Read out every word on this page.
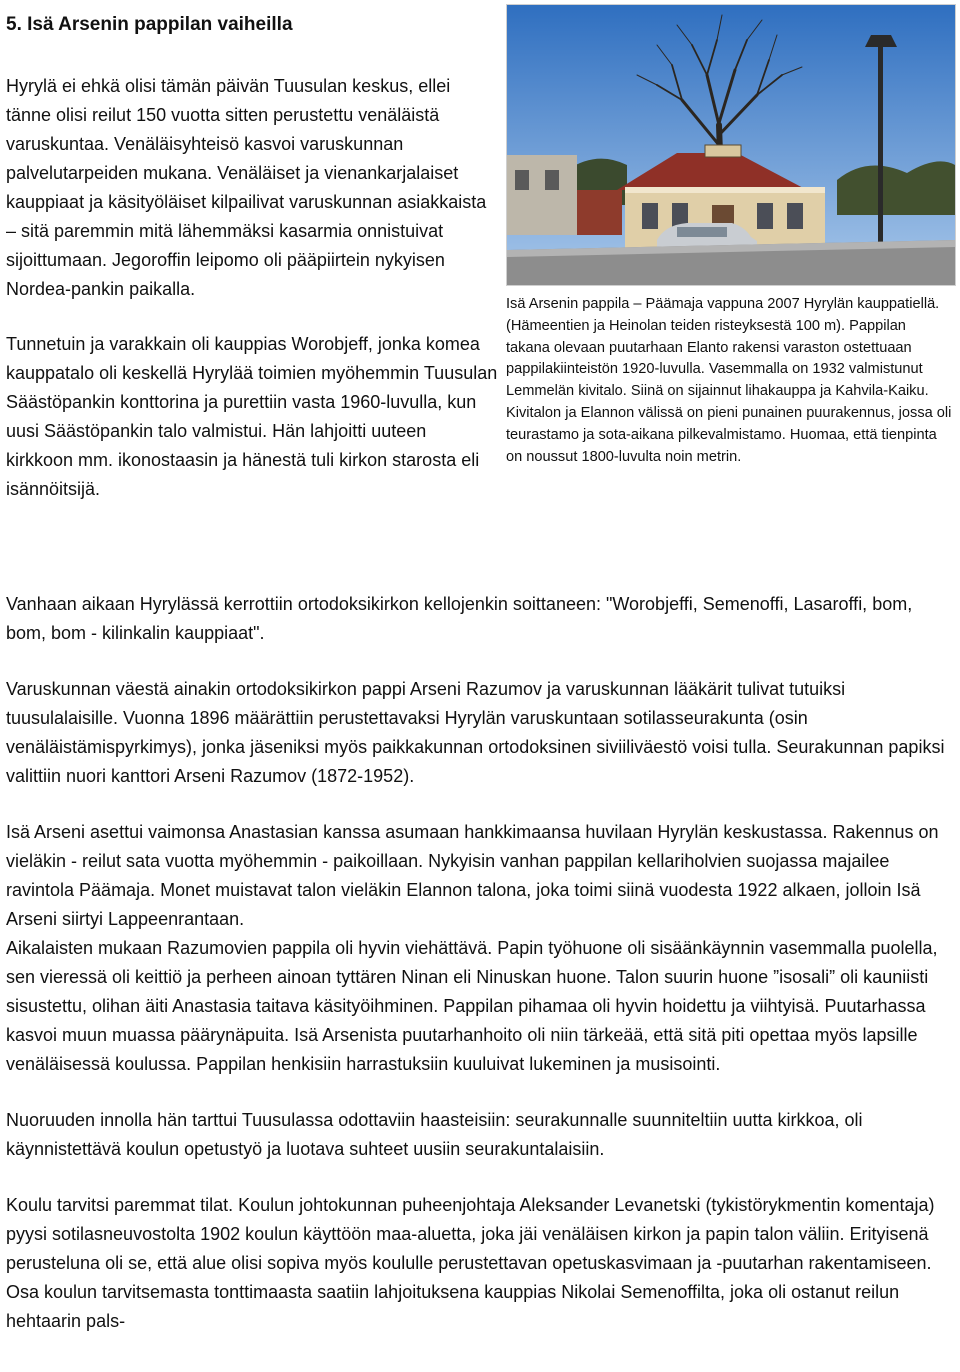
5. Isä Arsenin pappilan vaiheilla

Hyrylä ei ehkä olisi tämän päivän Tuusulan keskus, ellei tänne olisi reilut 150 vuotta sitten perustettu venäläistä varuskuntaa. Venäläisyhteisö kasvoi varuskunnan palvelutarpeiden mukana. Venäläiset ja vienankarjalaiset kauppiaat ja käsityöläiset kilpailivat varuskunnan asiakkaista – sitä paremmin mitä lähemmäksi kasarmia onnistuivat sijoittumaan. Jegoroffin leipomo oli pääpiirtein nykyisen Nordea-pankin paikalla.

Tunnetuin ja varakkain oli kauppias Worobjeff, jonka komea kauppatalo oli keskellä Hyrylää toimien myöhemmin Tuusulan Säästöpankin konttorina ja purettiin vasta 1960-luvulla, kun uusi Säästöpankin talo valmistui. Hän lahjoitti uuteen kirkkoon mm. ikonostaasin ja hänestä tuli kirkon starosta eli isännöitsijä.

Isä Arsenin pappila – Päämaja vappuna 2007 Hyrylän kauppatiellä. (Hämeentien ja Heinolan teiden risteyksestä 100 m). Pappilan takana olevaan puutarhaan Elanto rakensi varaston ostettuaan pappilakiinteistön 1920-luvulla. Vasemmalla on 1932 valmistunut Lemmelän kivitalo. Siinä on sijainnut lihakauppa ja Kahvila-Kaiku. Kivitalon ja Elannon välissä on pieni punainen puurakennus, jossa oli teurastamo ja sota-aikana pilkevalmistamo. Huomaa, että tienpinta on noussut 1800-luvulta noin metrin.

Vanhaan aikaan Hyrylässä kerrottiin ortodoksikirkon kellojenkin soittaneen: "Worobjeffi, Semenoffi, Lasaroffi, bom, bom, bom - kilinkalin kauppiaat".

Varuskunnan väestä ainakin ortodoksikirkon pappi Arseni Razumov ja varuskunnan lääkärit tulivat tutuiksi tuusulalaisille. Vuonna 1896 määrättiin perustettavaksi Hyrylän varuskuntaan sotilasseurakunta (osin venäläistämispyrkimys), jonka jäseniksi myös paikkakunnan ortodoksinen siviiliväestö voisi tulla. Seurakunnan papiksi valittiin nuori kanttori Arseni Razumov (1872-1952).

Isä Arseni asettui vaimonsa Anastasian kanssa asumaan hankkimaansa huvilaan Hyrylän keskustassa. Rakennus on vieläkin - reilut sata vuotta myöhemmin - paikoillaan. Nykyisin vanhan pappilan kellariholvien suojassa majailee ravintola Päämaja. Monet muistavat talon vieläkin Elannon talona, joka toimi siinä vuodesta 1922 alkaen, jolloin Isä Arseni siirtyi Lappeenrantaan.

Aikalaisten mukaan Razumovien pappila oli hyvin viehättävä. Papin työhuone oli sisäänkäynnin vasemmalla puolella, sen vieressä oli keittiö ja perheen ainoan tyttären Ninan eli Ninuskan huone. Talon suurin huone ”isosali” oli kauniisti sisustettu, olihan äiti Anastasia taitava käsityöihminen. Pappilan pihamaa oli hyvin hoidettu ja viihtyisä. Puutarhassa kasvoi muun muassa päärynäpuita. Isä Arsenista puutarhanhoito oli niin tärkeää, että sitä piti opettaa myös lapsille venäläisessä koulussa. Pappilan henkisiin harrastuksiin kuuluivat lukeminen ja musisointi.

Nuoruuden innolla hän tarttui Tuusulassa odottaviin haasteisiin: seurakunnalle suunniteltiin uutta kirkkoa, oli käynnistettävä koulun opetustyö ja luotava suhteet uusiin seurakuntalaisiin.

Koulu tarvitsi paremmat tilat. Koulun johtokunnan puheenjohtaja Aleksander Levanetski (tykistörykmentin komentaja) pyysi sotilasneuvostolta 1902 koulun käyttöön maa-aluetta, joka jäi venäläisen kirkon ja papin talon väliin. Erityisenä perusteluna oli se, että alue olisi sopiva myös koululle perustettavan opetuskasvimaan ja -puutarhan rakentamiseen. Osa koulun tarvitsemasta tonttimaasta saatiin lahjoituksena kauppias Nikolai Semenoffilta, joka oli ostanut reilun hehtaarin pals-
